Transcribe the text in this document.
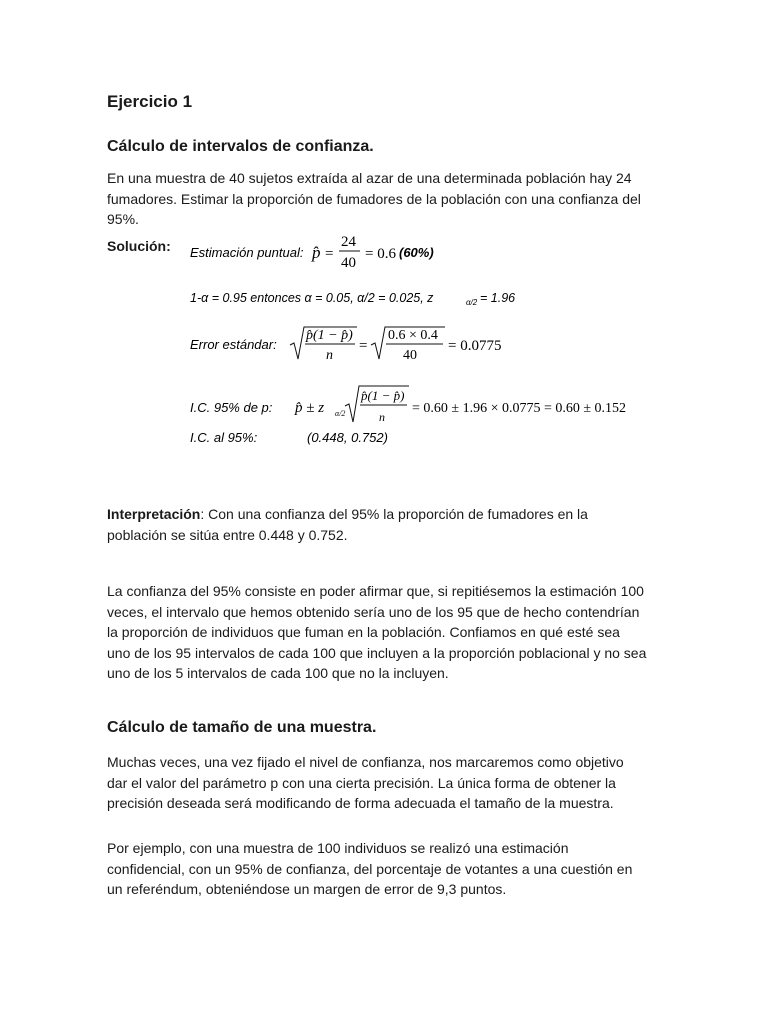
Ejercicio 1
Cálculo de intervalos de confianza.
En una muestra de 40 sujetos extraída al azar de una determinada población hay 24 fumadores. Estimar la proporción de fumadores de la población con una confianza del 95%.
Solución: Estimación puntual: p̂ =
24
40
= 0.6 (60%)
1-α = 0.95 entonces α = 0.05, α/2 = 0.025, z	α/2 = 1.96
Error estándar:
p̂(1 − p̂)
n
=
0.6 × 0.4
40
= 0.0775
I.C. 95% de p: p̂ ± z α/2
p̂(1 − p̂)
n
= 0.60 ± 1.96 × 0.0775 = 0.60 ± 0.152
I.C. al 95%:	(0.448, 0.752)
Interpretación: Con una confianza del 95% la proporción de fumadores en la población se sitúa entre 0.448 y 0.752.
La confianza del 95% consiste en poder afirmar que, si repitiésemos la estimación 100 veces, el intervalo que hemos obtenido sería uno de los 95 que de hecho contendrían la proporción de individuos que fuman en la población. Confiamos en qué esté sea uno de los 95 intervalos de cada 100 que incluyen a la proporción poblacional y no sea uno de los 5 intervalos de cada 100 que no la incluyen.
Cálculo de tamaño de una muestra.
Muchas veces, una vez fijado el nivel de confianza, nos marcaremos como objetivo dar el valor del parámetro p con una cierta precisión. La única forma de obtener la precisión deseada será modificando de forma adecuada el tamaño de la muestra.
Por ejemplo, con una muestra de 100 individuos se realizó una estimación confidencial, con un 95% de confianza, del porcentaje de votantes a una cuestión en un referéndum, obteniéndose un margen de error de 9,3 puntos.
